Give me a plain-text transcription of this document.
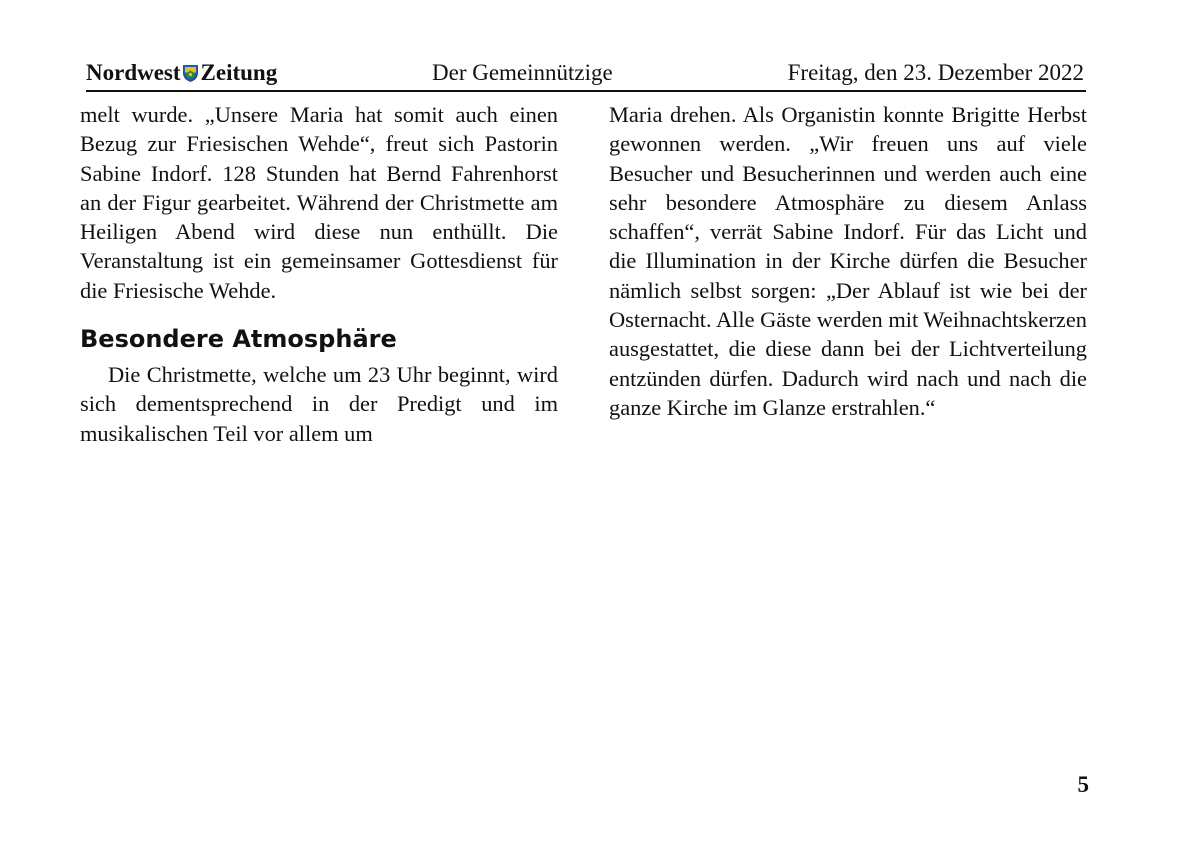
Nordwest Zeitung	Der Gemeinnützige	Freitag, den 23. Dezember 2022

melt wurde. „Unsere Maria hat somit auch einen Bezug zur Friesischen Wehde“, freut sich Pastorin Sabine Indorf. 128 Stunden hat Bernd Fahrenhorst an der Figur gearbeitet. Während der Christmette am Heiligen Abend wird diese nun enthüllt. Die Veranstaltung ist ein gemeinsamer Gottesdienst für die Friesische Wehde.

Besondere Atmosphäre

Die Christmette, welche um 23 Uhr beginnt, wird sich dementsprechend in der Predigt und im musikalischen Teil vor allem um

Maria drehen. Als Organistin konnte Brigitte Herbst gewonnen werden. „Wir freuen uns auf viele Besucher und Besucherinnen und werden auch eine sehr besondere Atmosphäre zu diesem Anlass schaffen“, verrät Sabine Indorf. Für das Licht und die Illumination in der Kirche dürfen die Besucher nämlich selbst sorgen: „Der Ablauf ist wie bei der Osternacht. Alle Gäste werden mit Weihnachtskerzen ausgestattet, die diese dann bei der Lichtverteilung entzünden dürfen. Dadurch wird nach und nach die ganze Kirche im Glanze erstrahlen.“

5
